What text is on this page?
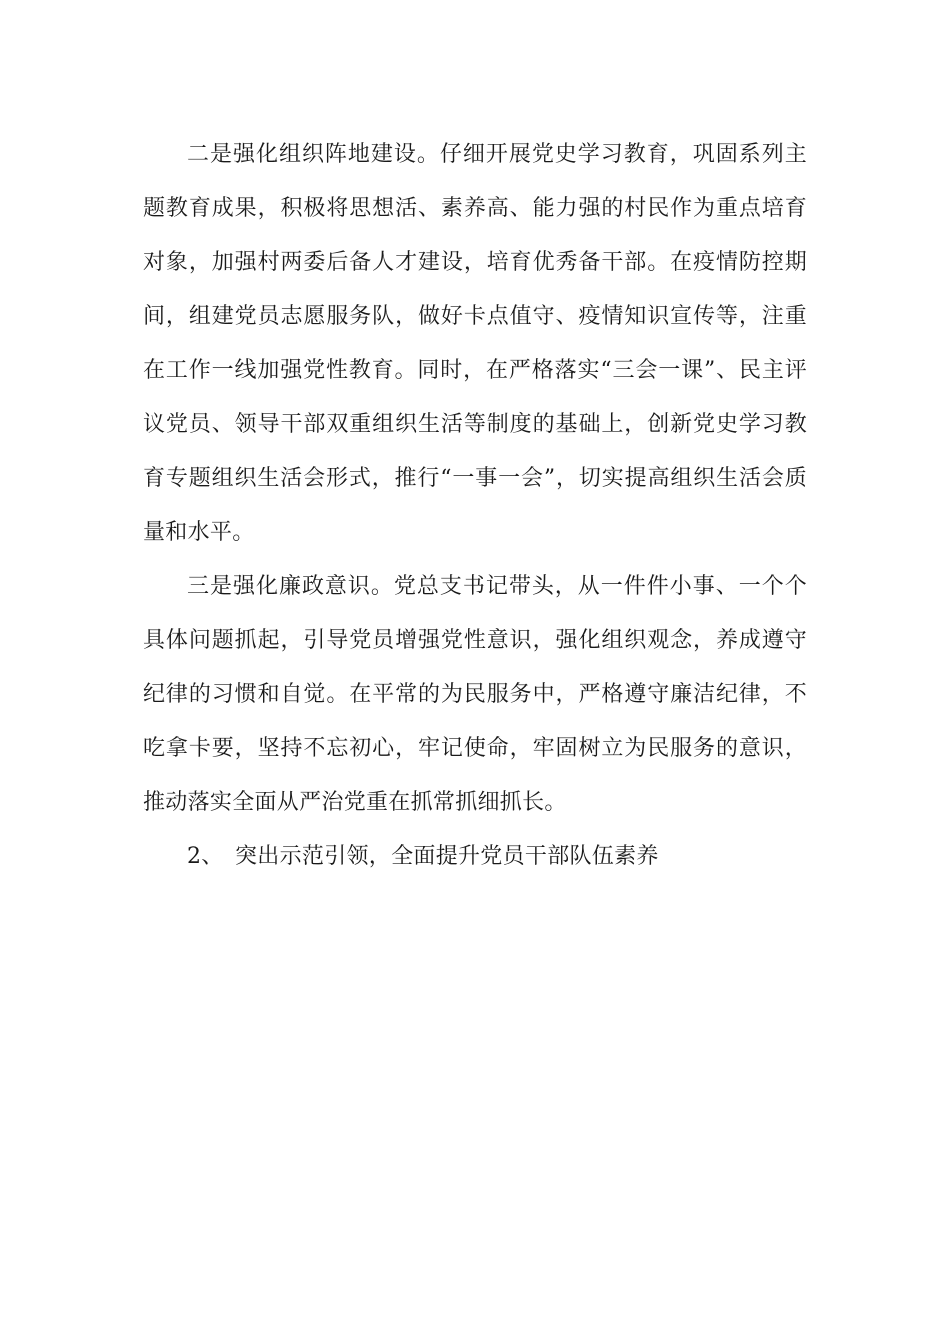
二是强化组织阵地建设。仔细开展党史学习教育，巩固系列主题教育成果，积极将思想活、素养高、能力强的村民作为重点培育对象，加强村两委后备人才建设，培育优秀备干部。在疫情防控期间，组建党员志愿服务队，做好卡点值守、疫情知识宣传等，注重在工作一线加强党性教育。同时，在严格落实“三会一课”、民主评议党员、领导干部双重组织生活等制度的基础上，创新党史学习教育专题组织生活会形式，推行“一事一会”，切实提高组织生活会质量和水平。

三是强化廉政意识。党总支书记带头，从一件件小事、一个个具体问题抓起，引导党员增强党性意识，强化组织观念，养成遵守纪律的习惯和自觉。在平常的为民服务中，严格遵守廉洁纪律，不吃拿卡要，坚持不忘初心，牢记使命，牢固树立为民服务的意识，推动落实全面从严治党重在抓常抓细抓长。

2、 突出示范引领，全面提升党员干部队伍素养
